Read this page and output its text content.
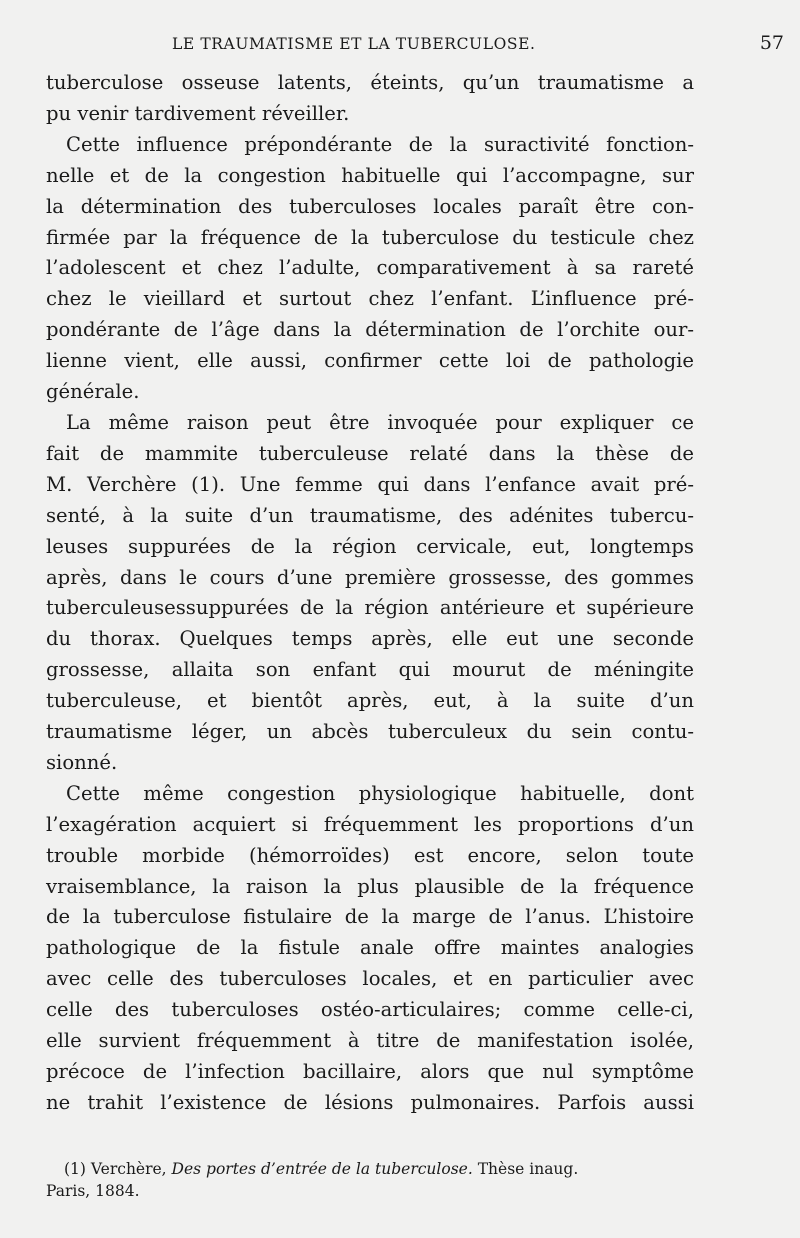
LE TRAUMATISME ET LA TUBERCULOSE.	57

tuberculose osseuse latents, éteints, qu’un traumatisme a
pu venir tardivement réveiller.

Cette influence prépondérante de la suractivité fonction-
nelle et de la congestion habituelle qui l’accompagne, sur
la détermination des tuberculoses locales paraît être con-
firmée par la fréquence de la tuberculose du testicule chez
l’adolescent et chez l’adulte, comparativement à sa rareté
chez le vieillard et surtout chez l’enfant. L’influence pré-
pondérante de l’âge dans la détermination de l’orchite our-
lienne vient, elle aussi, confirmer cette loi de pathologie
générale.

La même raison peut être invoquée pour expliquer ce
fait de mammite tuberculeuse relaté dans la thèse de
M. Verchère (1). Une femme qui dans l’enfance avait pré-
senté, à la suite d’un traumatisme, des adénites tubercu-
leuses suppurées de la région cervicale, eut, longtemps
après, dans le cours d’une première grossesse, des gommes
tuberculeusessuppurées de la région antérieure et supérieure
du thorax. Quelques temps après, elle eut une seconde
grossesse, allaita son enfant qui mourut de méningite
tuberculeuse, et bientôt après, eut, à la suite d’un
traumatisme léger, un abcès tuberculeux du sein contu-
sionné.

Cette même congestion physiologique habituelle, dont
l’exagération acquiert si fréquemment les proportions d’un
trouble morbide (hémorroïdes) est encore, selon toute
vraisemblance, la raison la plus plausible de la fréquence
de la tuberculose fistulaire de la marge de l’anus. L’histoire
pathologique de la fistule anale offre maintes analogies
avec celle des tuberculoses locales, et en particulier avec
celle des tuberculoses ostéo-articulaires; comme celle-ci,
elle survient fréquemment à titre de manifestation isolée,
précoce de l’infection bacillaire, alors que nul symptôme
ne trahit l’existence de lésions pulmonaires. Parfois aussi

(1) Verchère, Des portes d’entrée de la tuberculose. Thèse inaug.
Paris, 1884.
